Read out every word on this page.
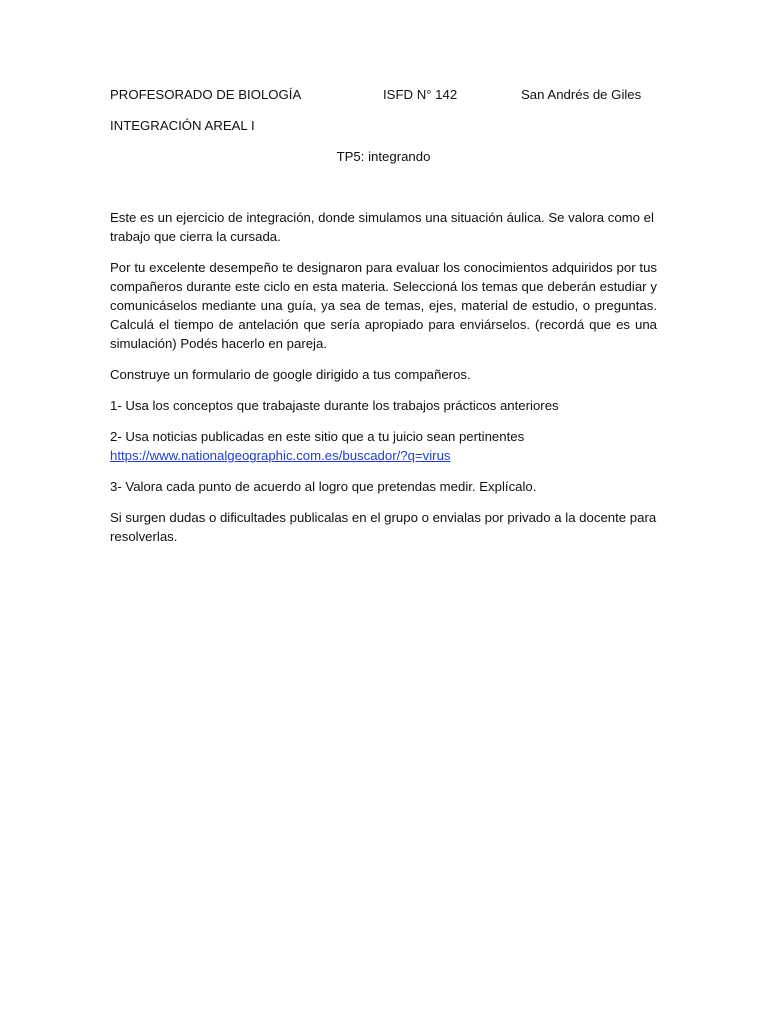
PROFESORADO DE BIOLOGÍA	ISFD N° 142	San Andrés de Giles
INTEGRACIÓN AREAL I
TP5: integrando

Este es un ejercicio de integración, donde simulamos una situación áulica. Se valora como el trabajo que cierra la cursada.

Por tu excelente desempeño te designaron para evaluar los conocimientos adquiridos por tus compañeros durante este ciclo en esta materia. Seleccioná los temas que deberán estudiar y comunicáselos mediante una guía, ya sea de temas, ejes, material de estudio, o preguntas. Calculá el tiempo de antelación que sería apropiado para enviárselos. (recordá que es una simulación) Podés hacerlo en pareja.

Construye un formulario de google dirigido a tus compañeros.

1- Usa los conceptos que trabajaste durante los trabajos prácticos anteriores

2- Usa noticias publicadas en este sitio que a tu juicio sean pertinentes
https://www.nationalgeographic.com.es/buscador/?q=virus

3- Valora cada punto de acuerdo al logro que pretendas medir. Explícalo.

Si surgen dudas o dificultades publicalas en el grupo o envialas por privado a la docente para resolverlas.
